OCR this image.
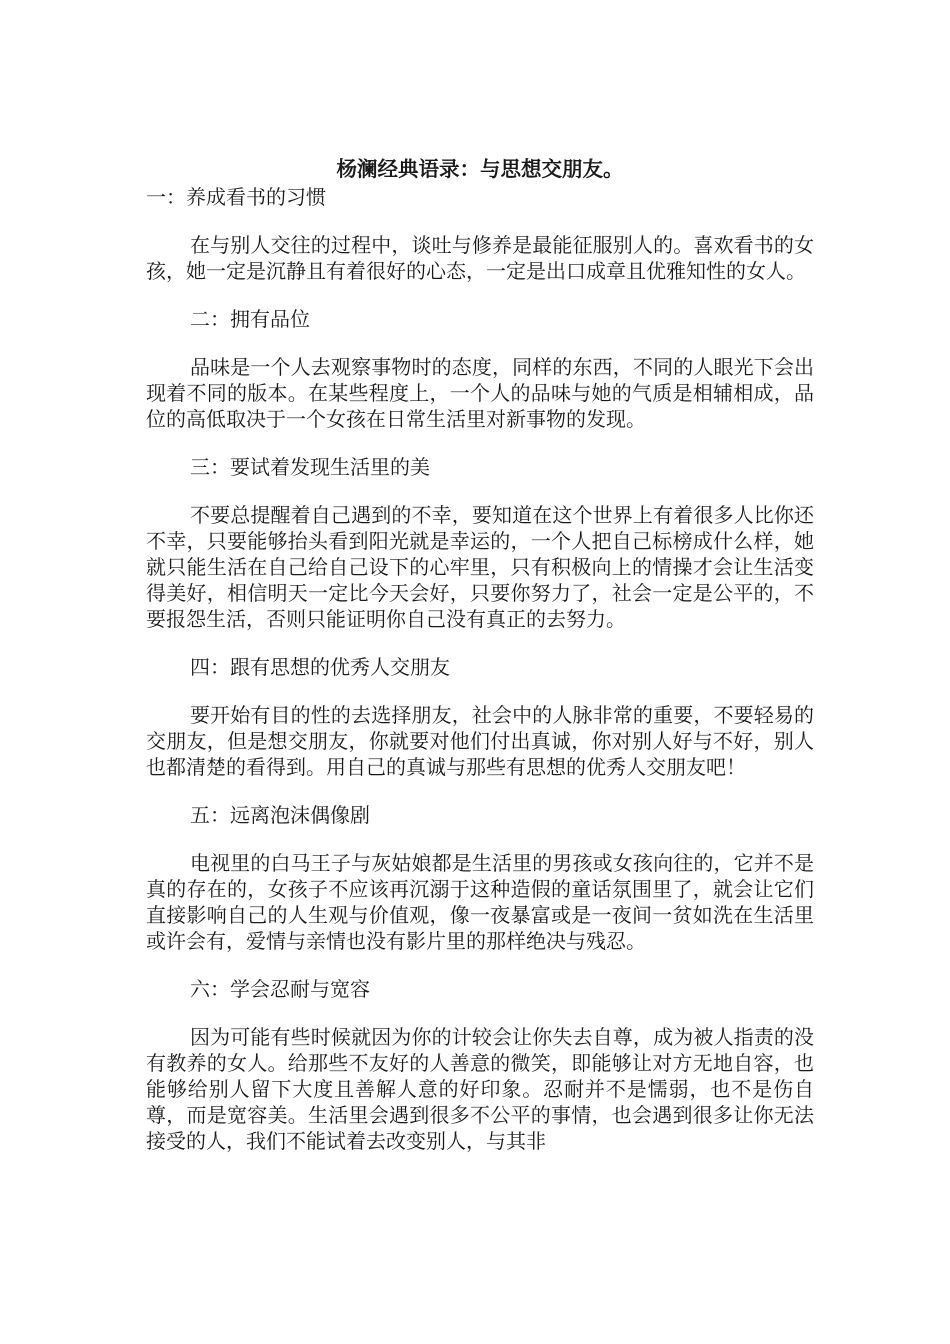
杨澜经典语录：与思想交朋友。

一：养成看书的习惯

在与别人交往的过程中，谈吐与修养是最能征服别人的。喜欢看书的女孩，她一定是沉静且有着很好的心态，一定是出口成章且优雅知性的女人。

二：拥有品位

品味是一个人去观察事物时的态度，同样的东西，不同的人眼光下会出现着不同的版本。在某些程度上，一个人的品味与她的气质是相辅相成，品位的高低取决于一个女孩在日常生活里对新事物的发现。

三：要试着发现生活里的美

不要总提醒着自己遇到的不幸，要知道在这个世界上有着很多人比你还不幸，只要能够抬头看到阳光就是幸运的，一个人把自己标榜成什么样，她就只能生活在自己给自己设下的心牢里，只有积极向上的情操才会让生活变得美好，相信明天一定比今天会好，只要你努力了，社会一定是公平的，不要报怨生活，否则只能证明你自己没有真正的去努力。

四：跟有思想的优秀人交朋友

要开始有目的性的去选择朋友，社会中的人脉非常的重要，不要轻易的交朋友，但是想交朋友，你就要对他们付出真诚，你对别人好与不好，别人也都清楚的看得到。用自己的真诚与那些有思想的优秀人交朋友吧！

五：远离泡沫偶像剧

电视里的白马王子与灰姑娘都是生活里的男孩或女孩向往的，它并不是真的存在的，女孩子不应该再沉溺于这种造假的童话氛围里了，就会让它们直接影响自己的人生观与价值观，像一夜暴富或是一夜间一贫如洗在生活里或许会有，爱情与亲情也没有影片里的那样绝决与残忍。

六：学会忍耐与宽容

因为可能有些时候就因为你的计较会让你失去自尊，成为被人指责的没有教养的女人。给那些不友好的人善意的微笑，即能够让对方无地自容，也能够给别人留下大度且善解人意的好印象。忍耐并不是懦弱，也不是伤自尊，而是宽容美。生活里会遇到很多不公平的事情，也会遇到很多让你无法接受的人，我们不能试着去改变别人，与其非
